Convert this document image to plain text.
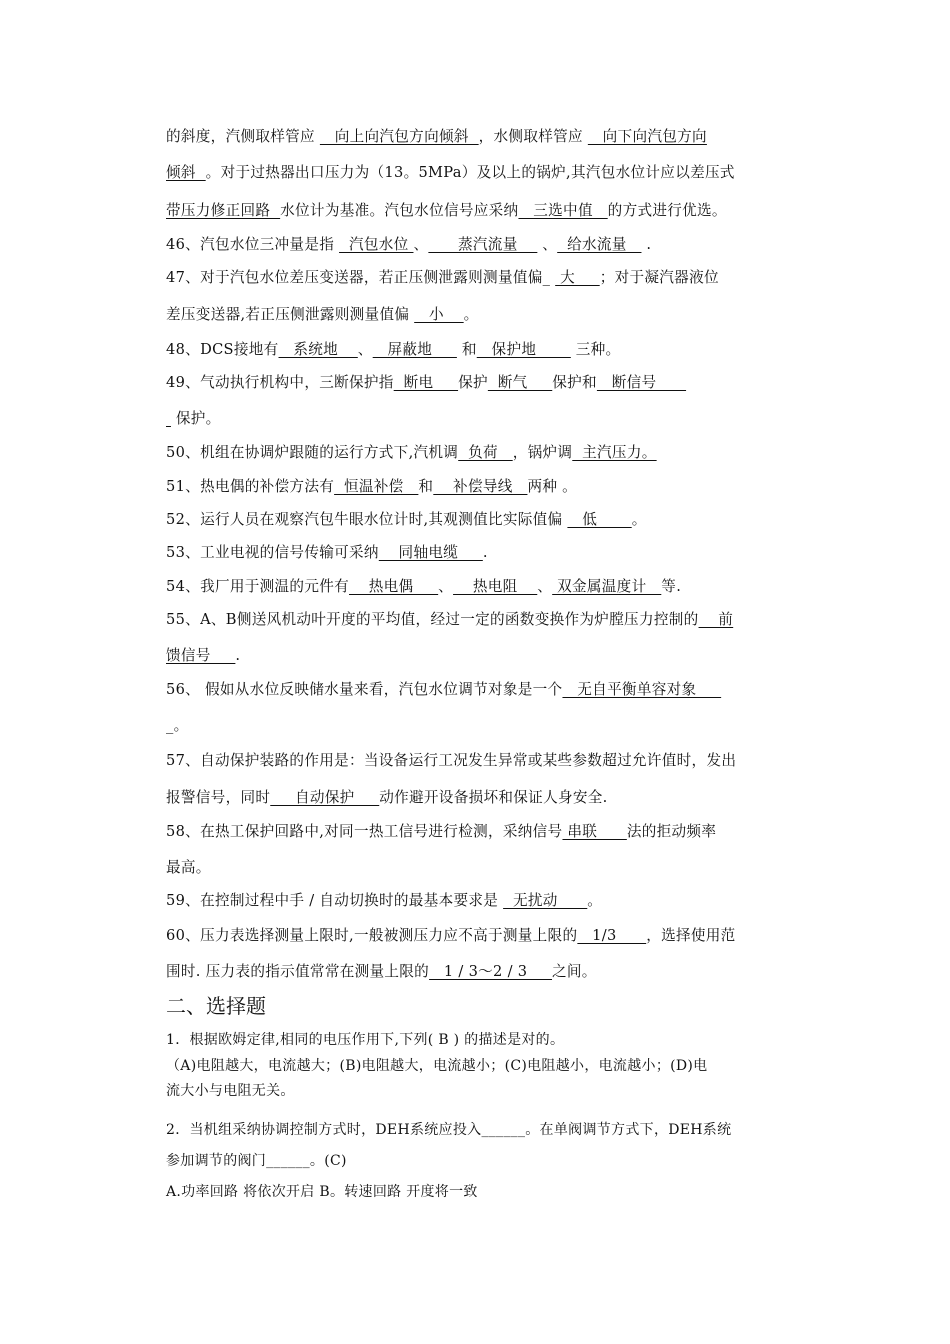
的斜度，汽侧取样管应    向上向汽包方向倾斜  ，水侧取样管应    向下向汽包方向
倾斜  。对于过热器出口压力为（13。5MPa）及以上的锅炉,其汽包水位计应以差压式
带压力修正回路  水位计为基准。汽包水位信号应采纳   三选中值   的方式进行优选。
46、汽包水位三冲量是指   汽包水位 、      蒸汽流量     、  给水流量    .
47、对于汽包水位差压变送器，若正压侧泄露则测量值偏_  大     ；对于凝汽器液位
差压变送器,若正压侧泄露则测量值偏    小    。
48、DCS接地有   系统地    、   屏蔽地      和   保护地        三种。
49、气动执行机构中，三断保护指  断电     保护  断气     保护和   断信号
保护。
50、机组在协调炉跟随的运行方式下,汽机调  负荷   ，锅炉调  主汽压力。
51、热电偶的补偿方法有  恒温补偿   和    补偿导线   两种 。
52、运行人员在观察汽包牛眼水位计时,其观测值比实际值偏    低       。
53、工业电视的信号传输可采纳    同轴电缆     .
54、我厂用于测温的元件有    热电偶     、    热电阻    、 双金属温度计   等.
55、A、B侧送风机动叶开度的平均值，经过一定的函数变换作为炉膛压力控制的    前
馈信号     .
56、 假如从水位反映储水量来看，汽包水位调节对象是一个   无自平衡单容对象
_。
57、自动保护装路的作用是：当设备运行工况发生异常或某些参数超过允许值时，发出
报警信号，同时     自动保护     动作避开设备损坏和保证人身安全.
58、在热工保护回路中,对同一热工信号进行检测，采纳信号 串联      法的拒动频率
最高。
59、在控制过程中手 / 自动切换时的最基本要求是   无扰动      。
60、压力表选择测量上限时,一般被测压力应不高于测量上限的   1/3      ，选择使用范
围时. 压力表的指示值常常在测量上限的   1 / 3～2 / 3     之间。
二、选择题
1．根据欧姆定律,相同的电压作用下,下列( B ) 的描述是对的。
（A)电阻越大，电流越大；(B)电阻越大，电流越小；(C)电阻越小，电流越小；(D)电
流大小与电阻无关。
2．当机组采纳协调控制方式时，DEH系统应投入______。在单阀调节方式下，DEH系统
参加调节的阀门______。(C)
A.功率回路 将依次开启 B。转速回路 开度将一致
